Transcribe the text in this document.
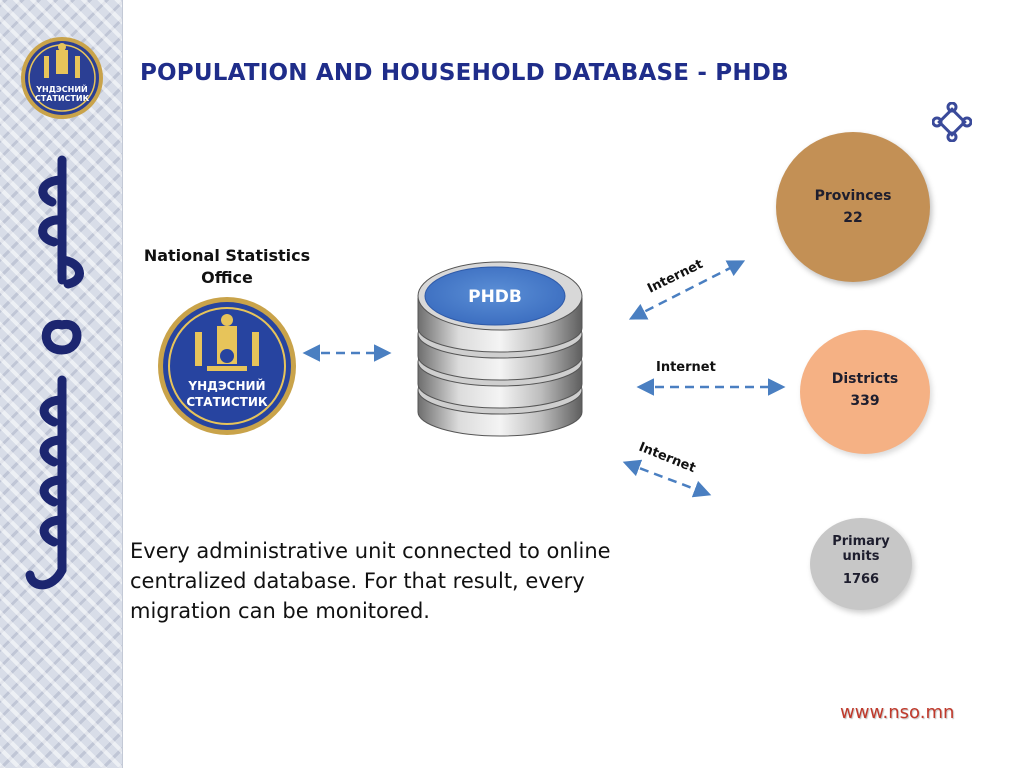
ҮНДЭСНИЙ
СТАТИСТИК
POPULATION AND HOUSEHOLD DATABASE - PHDB
National Statistics Office
ҮНДЭСНИЙ
СТАТИСТИК
PHDB
Internet
Internet
Internet
Provinces
22
Districts
339
Primary units
1766
Every administrative unit connected to online centralized database. For that result, every migration can be monitored.
www.nso.mn
